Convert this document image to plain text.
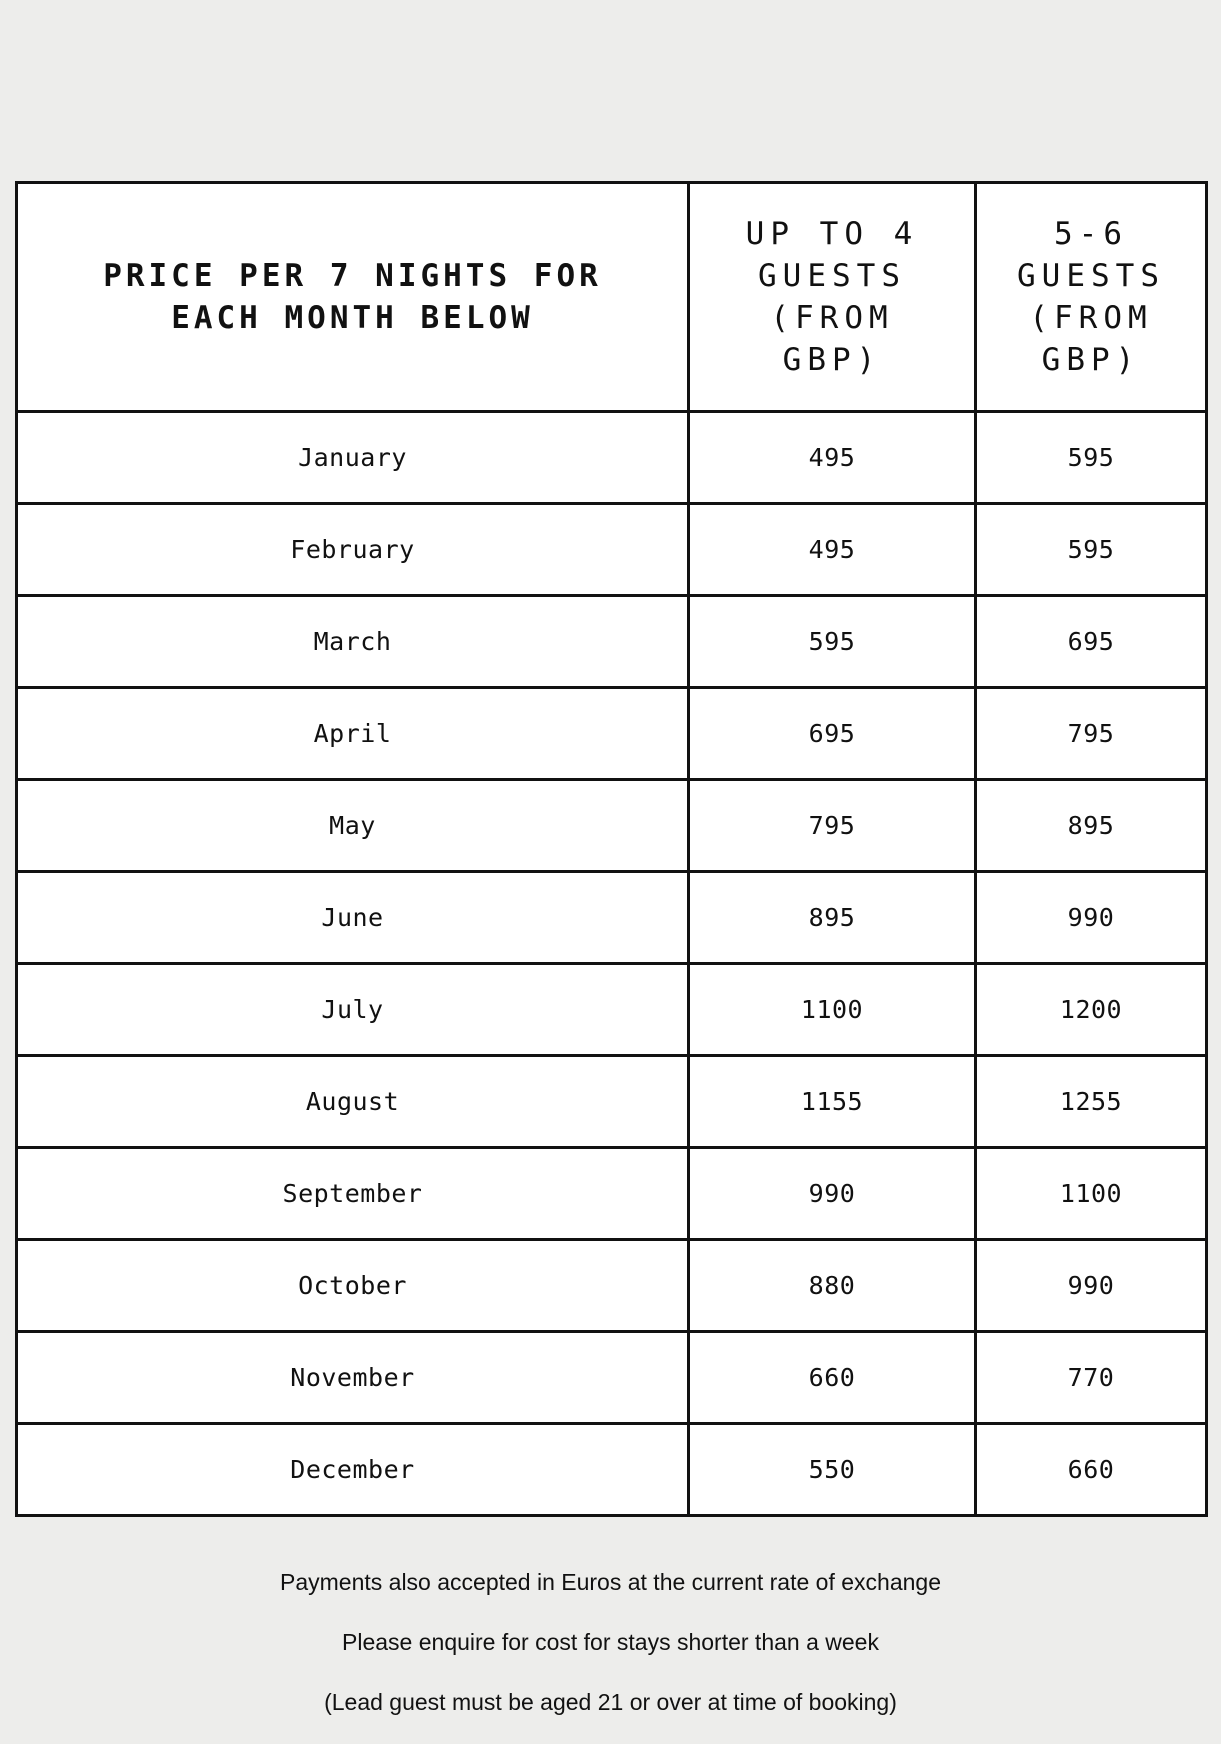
PRICE PER 7 NIGHTS FOR EACH MONTH BELOW	UP TO 4 GUESTS (FROM GBP)	5-6 GUESTS (FROM GBP)
January	495	595
February	495	595
March	595	695
April	695	795
May	795	895
June	895	990
July	1100	1200
August	1155	1255
September	990	1100
October	880	990
November	660	770
December	550	660

Payments also accepted in Euros at the current rate of exchange

Please enquire for cost for stays shorter than a week

(Lead guest must be aged 21 or over at time of booking)
